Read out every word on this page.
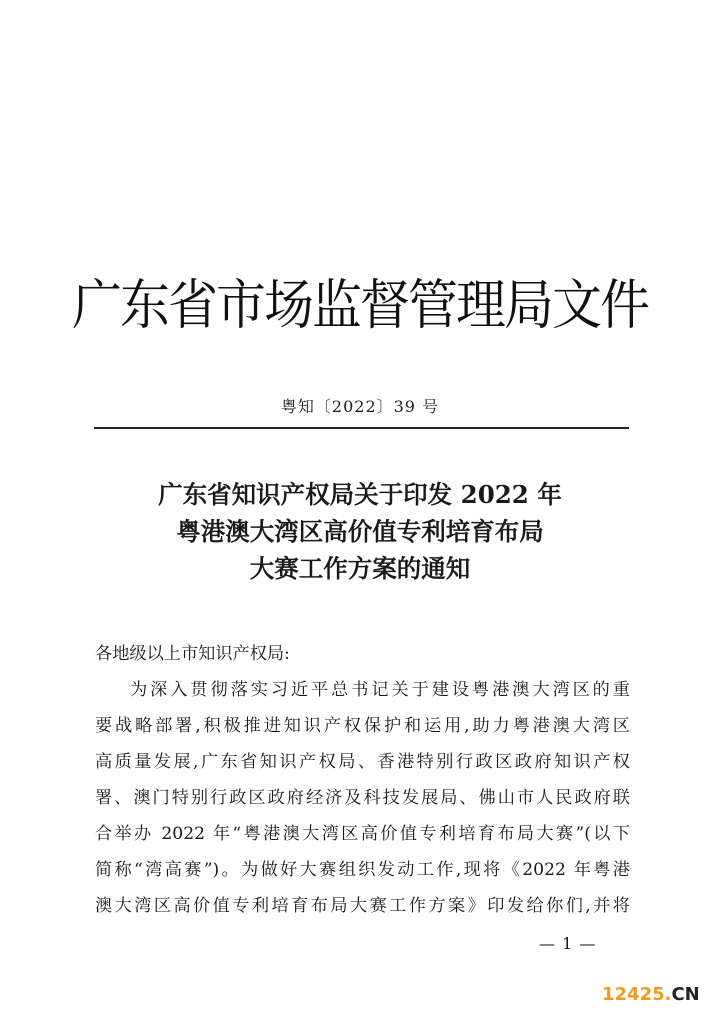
广东省市场监督管理局文件
粤知〔2022〕39 号
广东省知识产权局关于印发 2022 年
粤港澳大湾区高价值专利培育布局
大赛工作方案的通知
各地级以上市知识产权局:
为深入贯彻落实习近平总书记关于建设粤港澳大湾区的重
要战略部署,积极推进知识产权保护和运用,助力粤港澳大湾区
高质量发展,广东省知识产权局、香港特别行政区政府知识产权
署、澳门特别行政区政府经济及科技发展局、佛山市人民政府联
合举办 2022 年“粤港澳大湾区高价值专利培育布局大赛”(以下
简称“湾高赛”)。为做好大赛组织发动工作,现将《2022 年粤港
澳大湾区高价值专利培育布局大赛工作方案》印发给你们,并将
— 1 —
12425.CN
